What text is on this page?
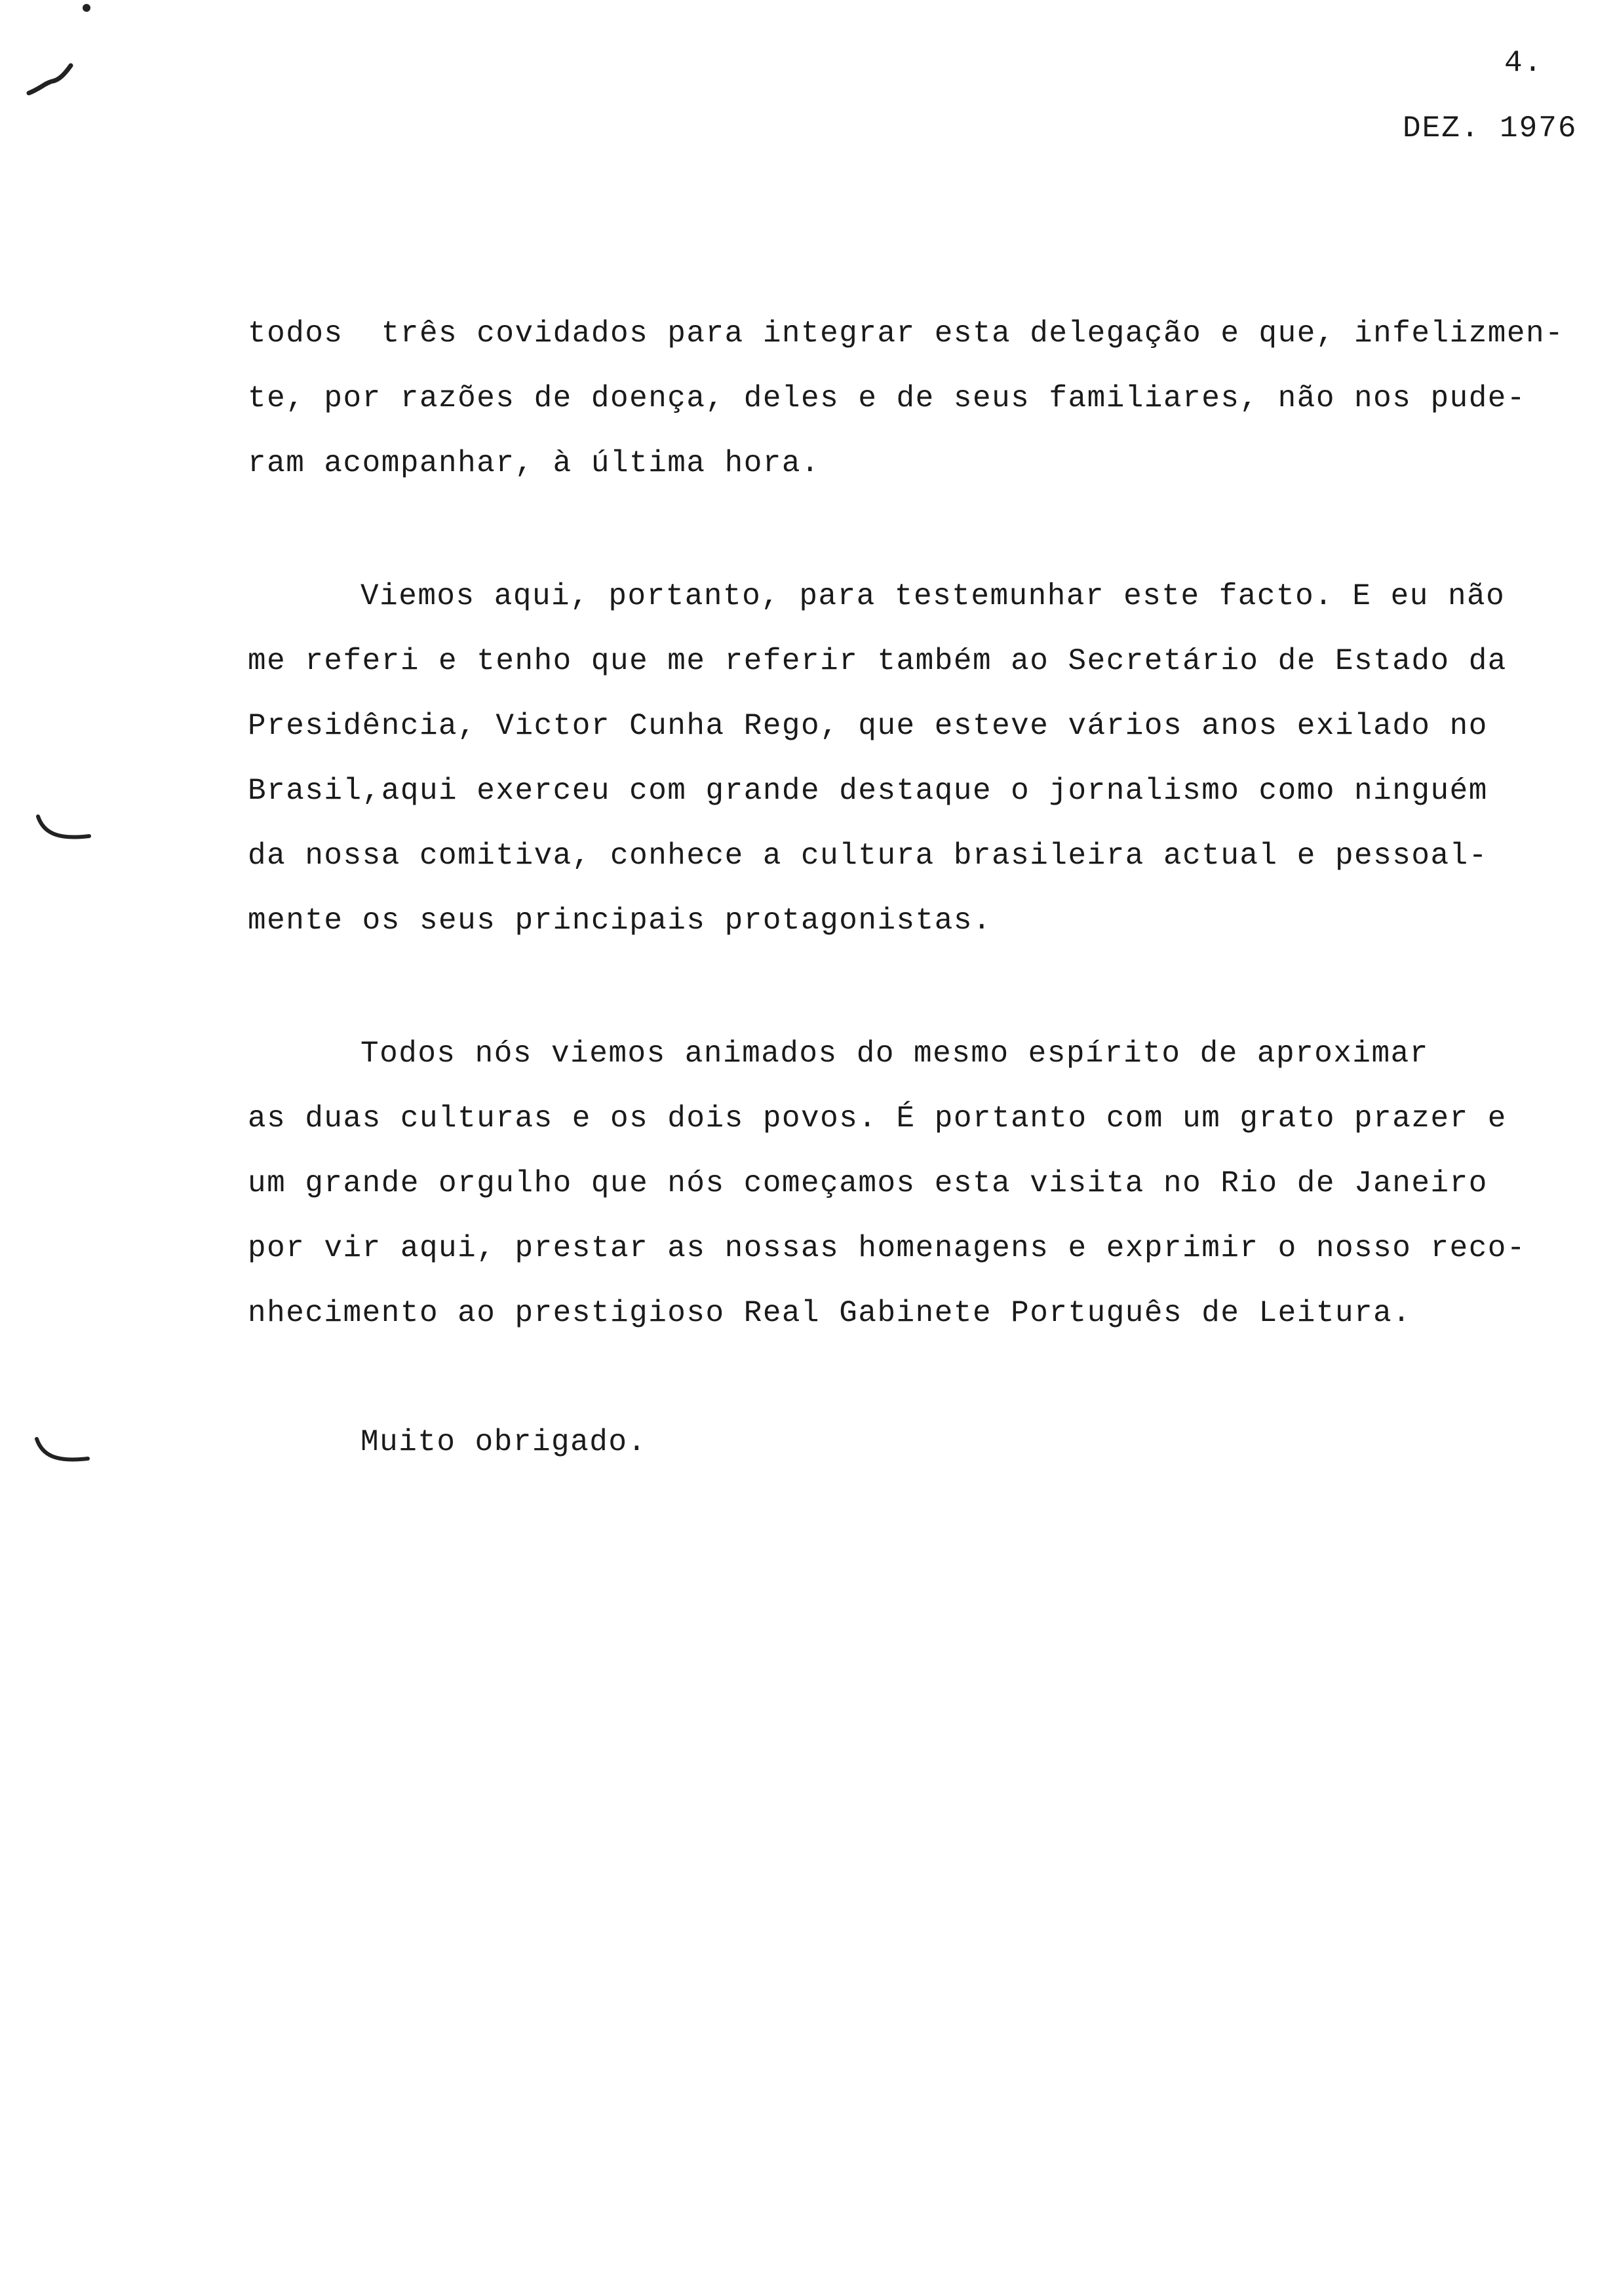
4.
DEZ. 1976
todos  três covidados para integrar esta delegação e que, infelizmen-
te, por razões de doença, deles e de seus familiares, não nos pude-
ram acompanhar, à última hora.
Viemos aqui, portanto, para testemunhar este facto. E eu não
me referi e tenho que me referir também ao Secretário de Estado da
Presidência, Victor Cunha Rego, que esteve vários anos exilado no
Brasil,aqui exerceu com grande destaque o jornalismo como ninguém
da nossa comitiva, conhece a cultura brasileira actual e pessoal-
mente os seus principais protagonistas.
Todos nós viemos animados do mesmo espírito de aproximar
as duas culturas e os dois povos. É portanto com um grato prazer e
um grande orgulho que nós começamos esta visita no Rio de Janeiro
por vir aqui, prestar as nossas homenagens e exprimir o nosso reco-
nhecimento ao prestigioso Real Gabinete Português de Leitura.
Muito obrigado.
